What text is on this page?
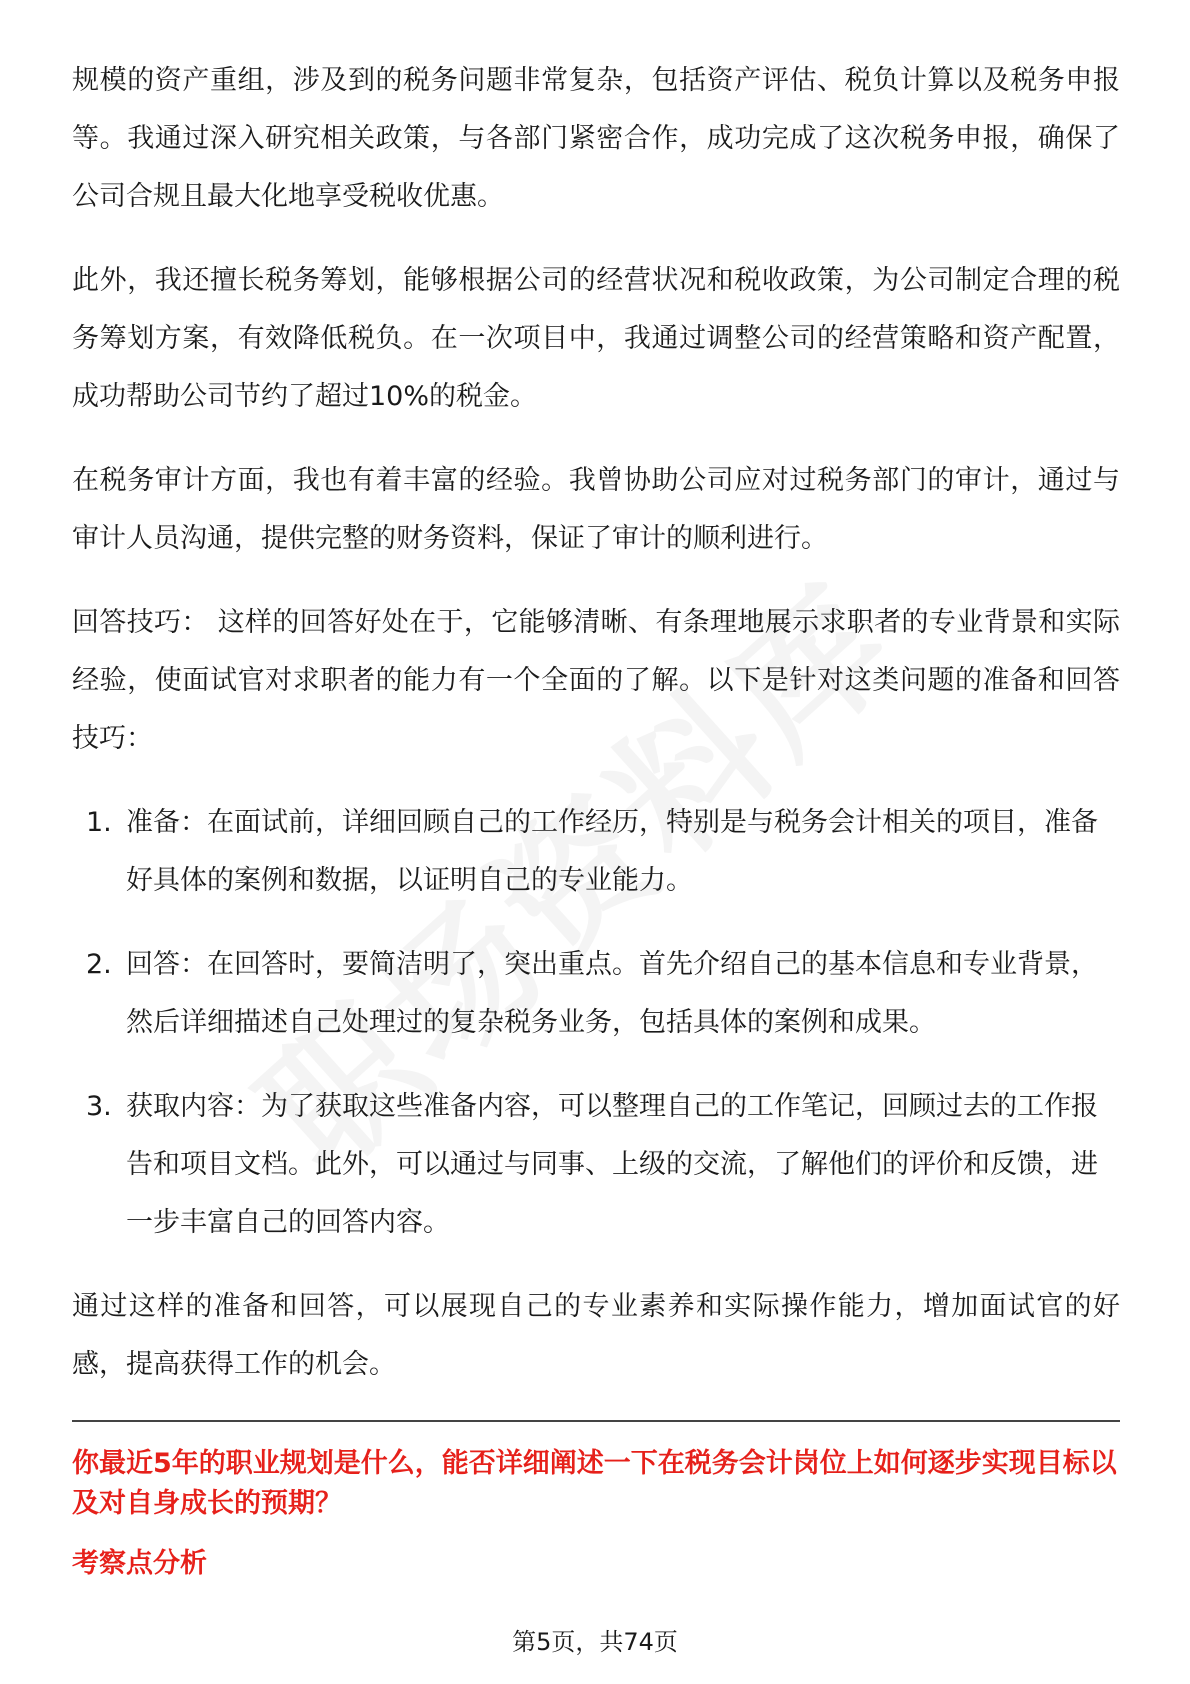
规模的资产重组，涉及到的税务问题非常复杂，包括资产评估、税负计算以及税务申报等。我通过深入研究相关政策，与各部门紧密合作，成功完成了这次税务申报，确保了公司合规且最大化地享受税收优惠。

此外，我还擅长税务筹划，能够根据公司的经营状况和税收政策，为公司制定合理的税务筹划方案，有效降低税负。在一次项目中，我通过调整公司的经营策略和资产配置，成功帮助公司节约了超过10%的税金。

在税务审计方面，我也有着丰富的经验。我曾协助公司应对过税务部门的审计，通过与审计人员沟通，提供完整的财务资料，保证了审计的顺利进行。

回答技巧： 这样的回答好处在于，它能够清晰、有条理地展示求职者的专业背景和实际经验，使面试官对求职者的能力有一个全面的了解。以下是针对这类问题的准备和回答技巧：

1. 准备：在面试前，详细回顾自己的工作经历，特别是与税务会计相关的项目，准备好具体的案例和数据，以证明自己的专业能力。
2. 回答：在回答时，要简洁明了，突出重点。首先介绍自己的基本信息和专业背景，然后详细描述自己处理过的复杂税务业务，包括具体的案例和成果。
3. 获取内容：为了获取这些准备内容，可以整理自己的工作笔记，回顾过去的工作报告和项目文档。此外，可以通过与同事、上级的交流，了解他们的评价和反馈，进一步丰富自己的回答内容。

通过这样的准备和回答，可以展现自己的专业素养和实际操作能力，增加面试官的好感，提高获得工作的机会。

你最近5年的职业规划是什么，能否详细阐述一下在税务会计岗位上如何逐步实现目标以及对自身成长的预期？

考察点分析

第5页，共74页
